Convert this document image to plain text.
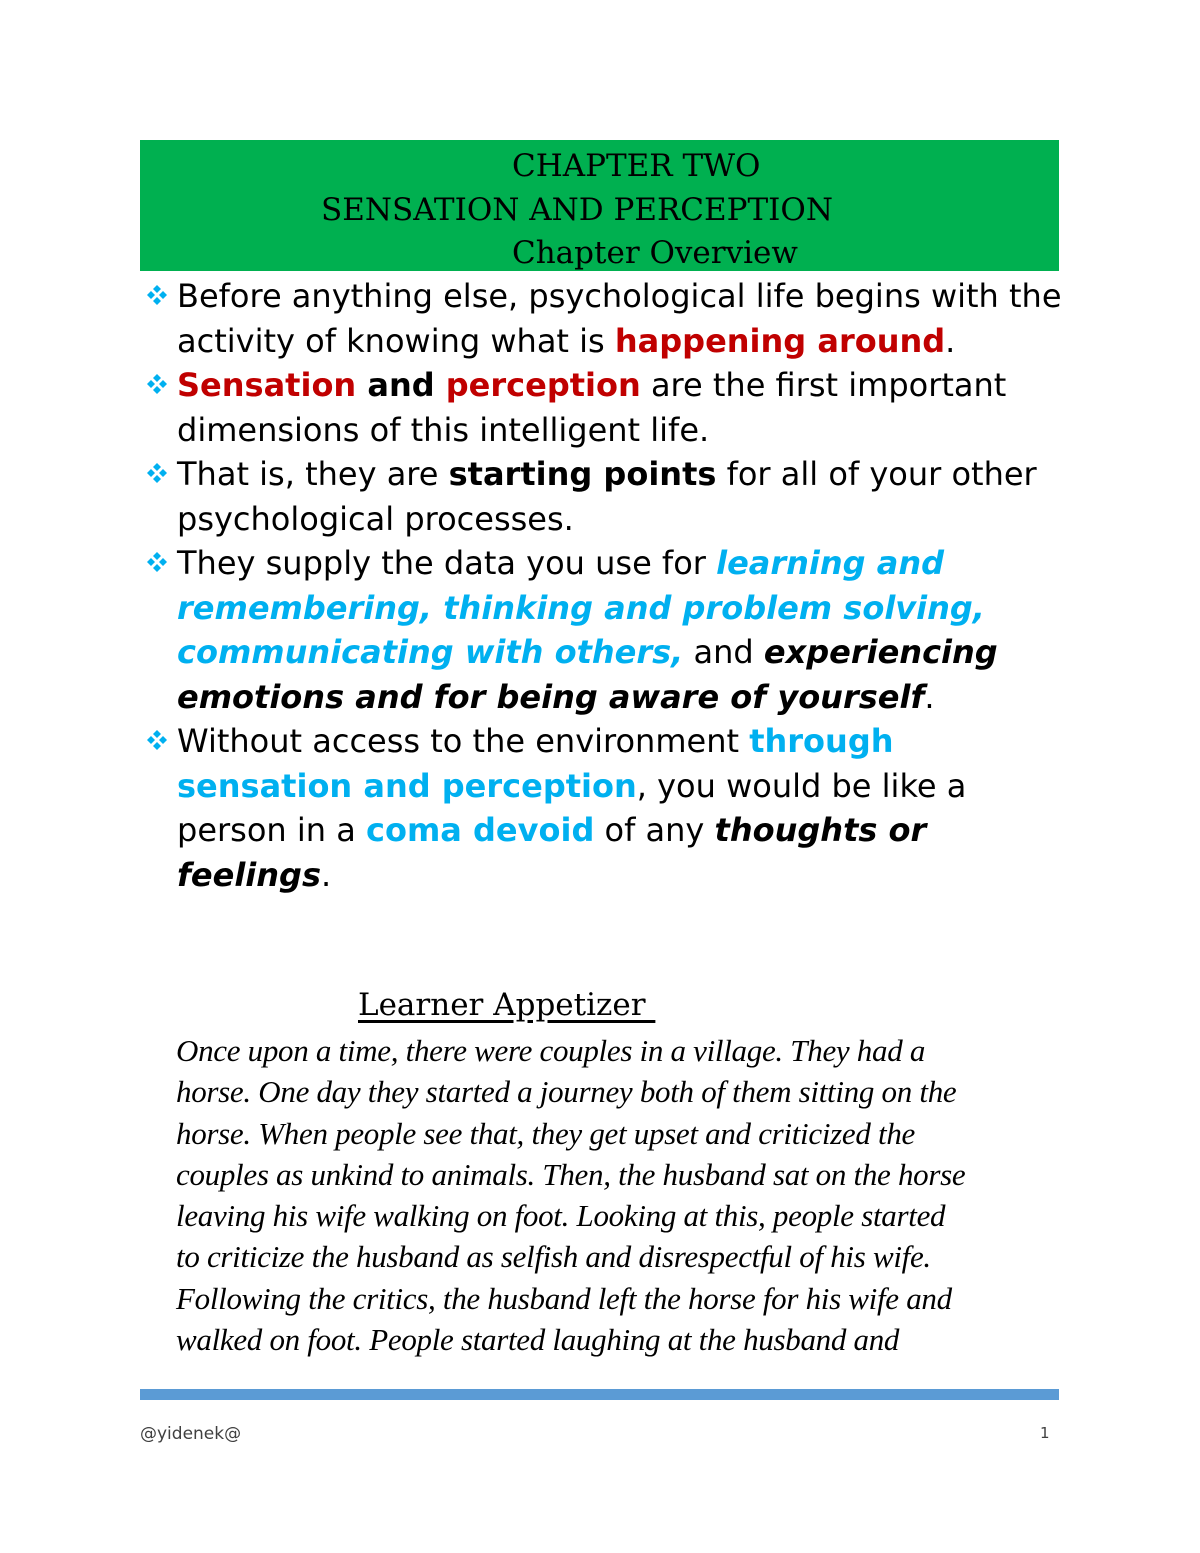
CHAPTER TWO
SENSATION AND PERCEPTION
Chapter Overview
Before anything else, psychological life begins with the activity of knowing what is happening around.
Sensation and perception are the first important dimensions of this intelligent life.
That is, they are starting points for all of your other psychological processes.
They supply the data you use for learning and remembering, thinking and problem solving, communicating with others, and experiencing emotions and for being aware of yourself.
Without access to the environment through sensation and perception, you would be like a person in a coma devoid of any thoughts or feelings.
Learner Appetizer
Once upon a time, there were couples in a village. They had a
horse. One day they started a journey both of them sitting on the
horse. When people see that, they get upset and criticized the
couples as unkind to animals. Then, the husband sat on the horse
leaving his wife walking on foot. Looking at this, people started
to criticize the husband as selfish and disrespectful of his wife.
Following the critics, the husband left the horse for his wife and
walked on foot. People started laughing at the husband and
@yidenek@	1
